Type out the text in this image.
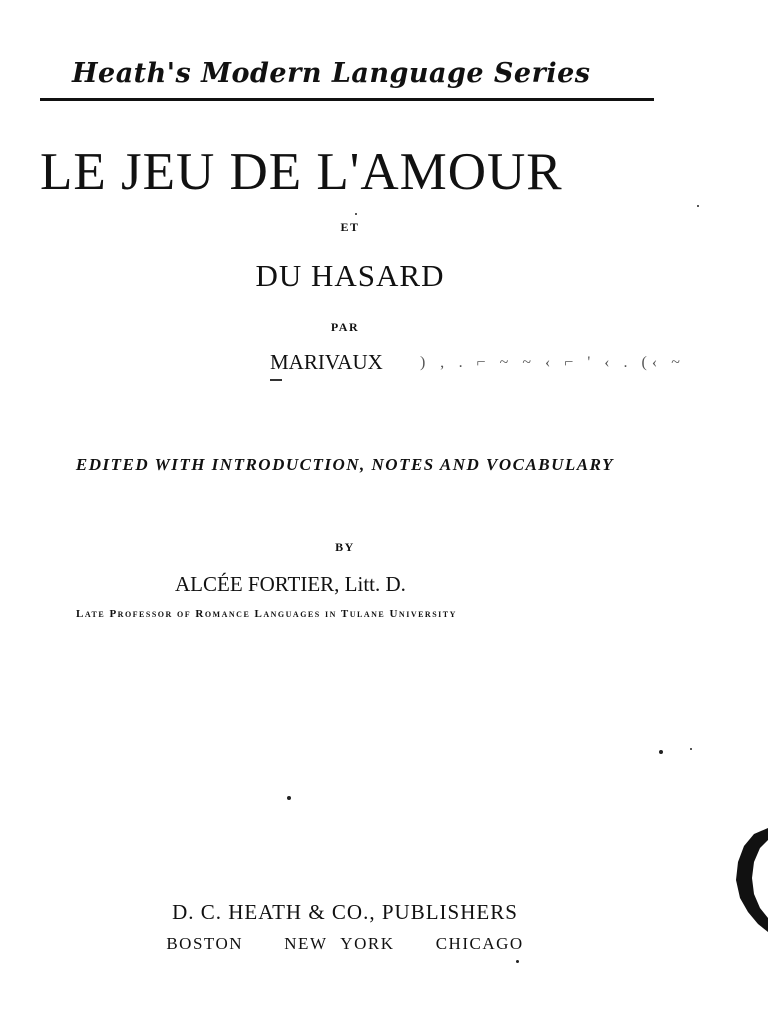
Heath's Modern Language Series
LE JEU DE L'AMOUR
ET
DU HASARD
PAR
MARIVAUX ) ‚ . ⌐ ~ ~ ‹ ⌐ ' ‹ . (‹ ~
EDITED WITH INTRODUCTION, NOTES AND VOCABULARY
BY
ALCÉE FORTIER, Litt. D.
Late Professor of Romance Languages in Tulane University
D. C. HEATH & CO., PUBLISHERS
BOSTON   NEW YORK   CHICAGO
